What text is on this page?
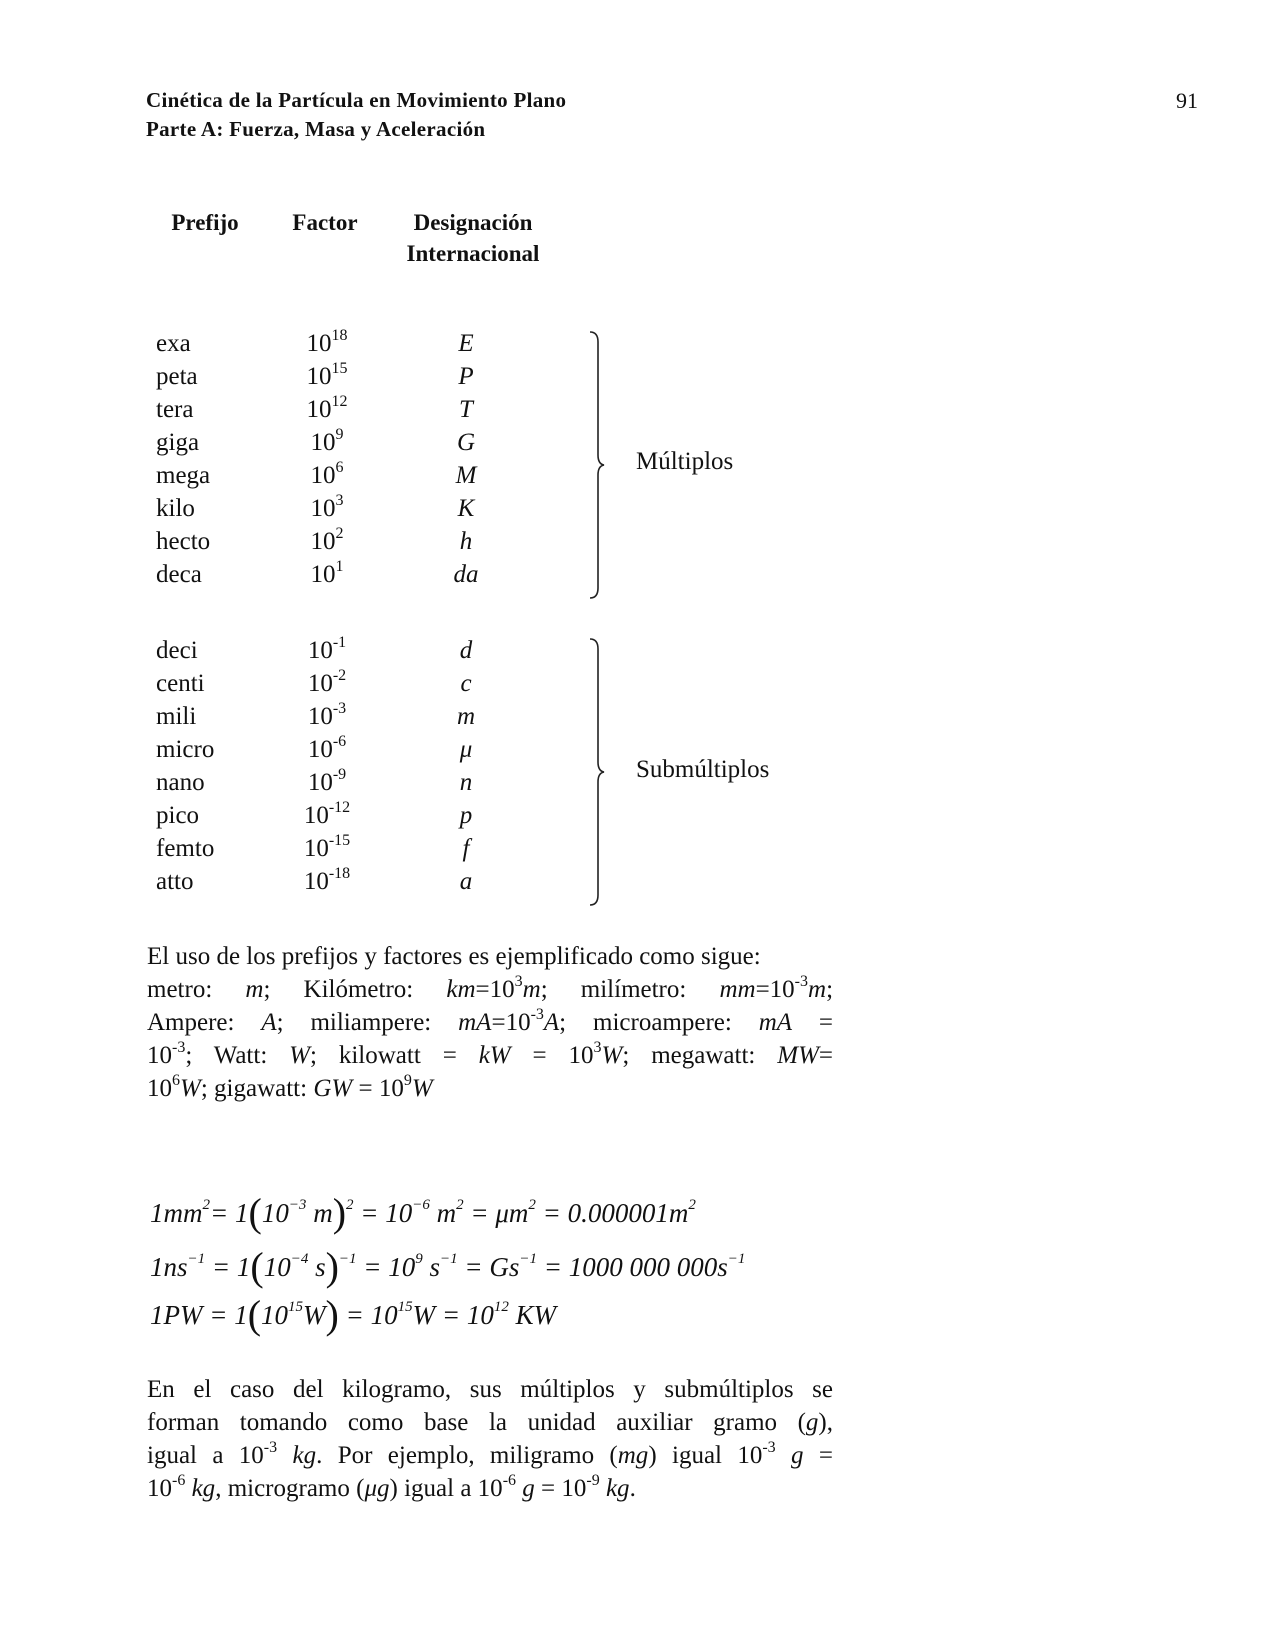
Cinética de la Partícula en Movimiento Plano
Parte A: Fuerza, Masa y Aceleración
91
Prefijo	Factor	Designación
Internacional
exa	$10^{18}$	E
peta	$10^{15}$	P
tera	$10^{12}$	T
giga	$10^9$	G
mega	$10^6$	M
kilo	$10^3$	K
hecto	$10^2$	h
deca	$10^1$	da
deci	$10^{-1}$	d
centi	$10^{-2}$	c
mili	$10^{-3}$	m
micro	$10^{-6}$	μ
nano	$10^{-9}$	n
pico	$10^{-12}$	p
femto	$10^{-15}$	f
atto	$10^{-18}$	a
Múltiplos
Submúltiplos

El uso de los prefijos y factores es ejemplificado como sigue:

metro: m; Kilómetro: $km=10^3m$; milímetro: $mm=10^{-3}m$;

Ampere: A; miliampere: $mA=10^{-3}A$; microampere: mA =

$10^{-3}$; Watt: W; kilowatt = kW = $10^3W$; megawatt: MW=

$10^6W$; gigawatt: GW = $10^9W$

$1mm^2= 1(10^{-3}$ $m)^2 = 10^{-6}$ $m^2 = \mu m^2 = 0.000001m^2$
$1ns^{-1} = 1(10^{-4}$ $s)^{-1} = 10^9$ $s^{-1} = Gs^{-1} = 1000$ 000 $000s^{-1}$
$1PW = 1(10^{15}W) = 10^{15}W = 10^{12}$ KW

En el caso del kilogramo, sus múltiplos y submúltiplos se

forman tomando como base la unidad auxiliar gramo (g),

igual a $10^{-3}$ kg. Por ejemplo, miligramo (mg) igual $10^{-3}$ g =

$10^{-6}$ kg, microgramo (μg) igual a $10^{-6}$ $g = 10^{-9}$ kg.
